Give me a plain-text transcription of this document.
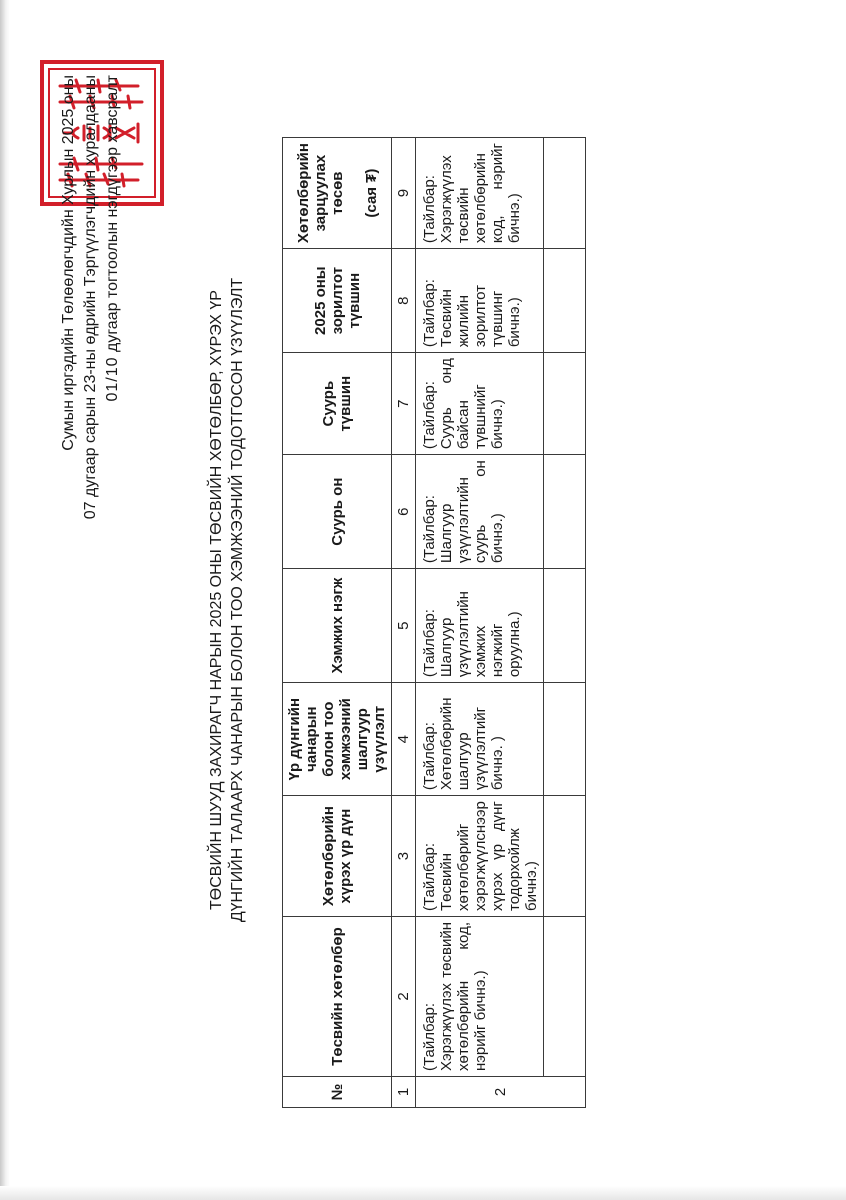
Сумын иргэдийн Төлөөлөгчдийн Хурлын 2025 оны 07 дугаар сарын 23-ны өдрийн Тэргүүлэгчдийн хуралдааны 01/10 дугаар тогтоолын нэгдүгээр хавсралт
ТӨСВИЙН ШУУД ЗАХИРАГЧ НАРЫН 2025 ОНЫ ТӨСВИЙН ХӨТӨЛБӨР, ХҮРЭХ ҮР ДҮНГИЙН ТАЛААРХ ЧАНАРЫН БОЛОН ТОО ХЭМЖЭЭНИЙ ТОДОТГОСОН ҮЗҮҮЛЭЛТ
№	Төсвийн хөтөлбөр	Хөтөлбөрийн хүрэх үр дүн	Үр дүнгийн чанарын болон тоо хэмжээний шалгуур үзүүлэлт	Хэмжих нэгж	Суурь он	Суурь түвшин	2025 оны зорилтот түвшин	Хөтөлбөрийн зарцуулах төсөв (сая ₮)
1	2	3	4	5	6	7	8	9
2	(Тайлбар: Хэрэгжүүлэх төсвийн хөтөлбөрийн код, нэрийг бичнэ.)	(Тайлбар: Төсвийн хөтөлбөрийг хэрэгжүүлснээр хүрэх үр дүнг тодорхойлж бичнэ.)	(Тайлбар: Хөтөлбөрийн шалгуур үзүүлэлтийг бичнэ. )	(Тайлбар: Шалгуур үзүүлэлтийн хэмжих нэгжийг оруулна.)	(Тайлбар: Шалгуур үзүүлэлтийн суурь он бичнэ.)	(Тайлбар: Суурь онд байсан түвшнийг бичнэ.)	(Тайлбар: Төсвийн жилийн зорилтот түвшинг бичнэ.)	(Тайлбар: Хэрэгжүүлэх төсвийн хөтөлбөрийн код, нэрийг бичнэ.)
